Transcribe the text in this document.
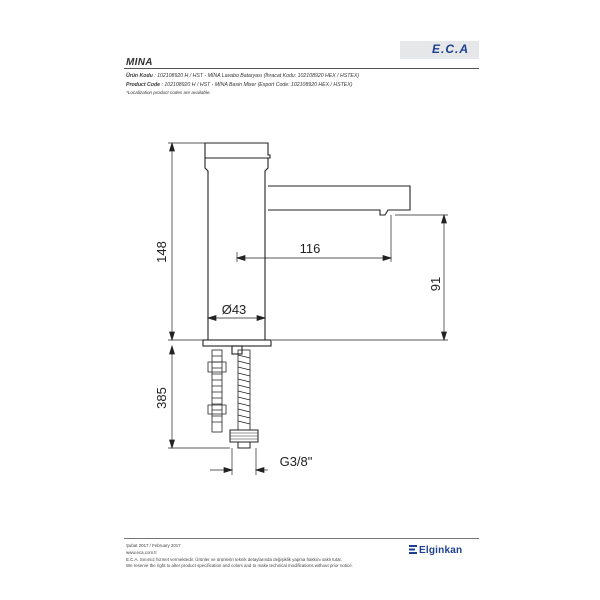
E.C.A
MINA
Ürün Kodu : 102108920 H / HST - MİNA Lavabo Bataryası (İhracat Kodu: 102108920 HEX / HSTEX)
Product Code : 102108920 H / HST - MİNA Basin Mixer (Export Code: 102108920 HEX / HSTEX)
*Localization product codes are available.
148
385
116
91
Ø43
G3/8"
Şubat 2017 / February 2017
www.eca.com.tr
E.C.A. Sınırsız hizmet vermektedir. Ürünler ve ürünlerin teknik detaylarında değişiklik yapma hakkını saklı tutar.
We reserve the right to alter product specification and colors and to make technical modifications without prior notice.
Elginkan
